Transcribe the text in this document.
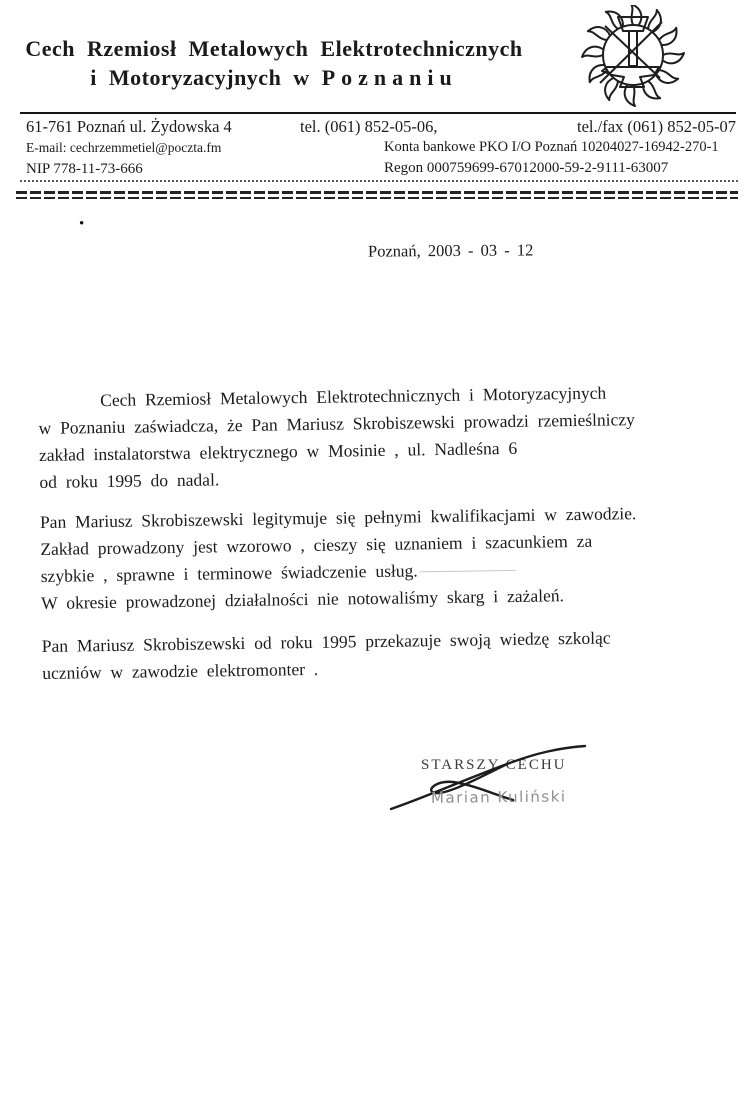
Cech Rzemiosł Metalowych Elektrotechnicznych
i Motoryzacyjnych w Poznaniu
61-761 Poznań ul. Żydowska 4
E-mail: cechrzemmetiel@poczta.fm
NIP 778-11-73-666
tel. (061) 852-05-06,	tel./fax (061) 852-05-07
Konta bankowe PKO I/O Poznań 10204027-16942-270-1
Regon 000759699-67012000-59-2-9111-63007
•
Poznań, 2003 - 03 - 12
Cech Rzemiosł Metalowych Elektrotechnicznych i Motoryzacyjnych
w Poznaniu zaświadcza, że Pan Mariusz Skrobiszewski prowadzi rzemieślniczy
zakład instalatorstwa elektrycznego w Mosinie , ul. Nadleśna 6
od roku 1995 do nadal.
Pan Mariusz Skrobiszewski legitymuje się pełnymi kwalifikacjami w zawodzie.
Zakład prowadzony jest wzorowo , cieszy się uznaniem i szacunkiem za
szybkie , sprawne i terminowe świadczenie usług.
W okresie prowadzonej działalności nie notowaliśmy skarg i zażaleń.
Pan Mariusz Skrobiszewski od roku 1995 przekazuje swoją wiedzę szkoląc
uczniów w zawodzie elektromonter .
STARSZY CECHU
Marian Kuliński
